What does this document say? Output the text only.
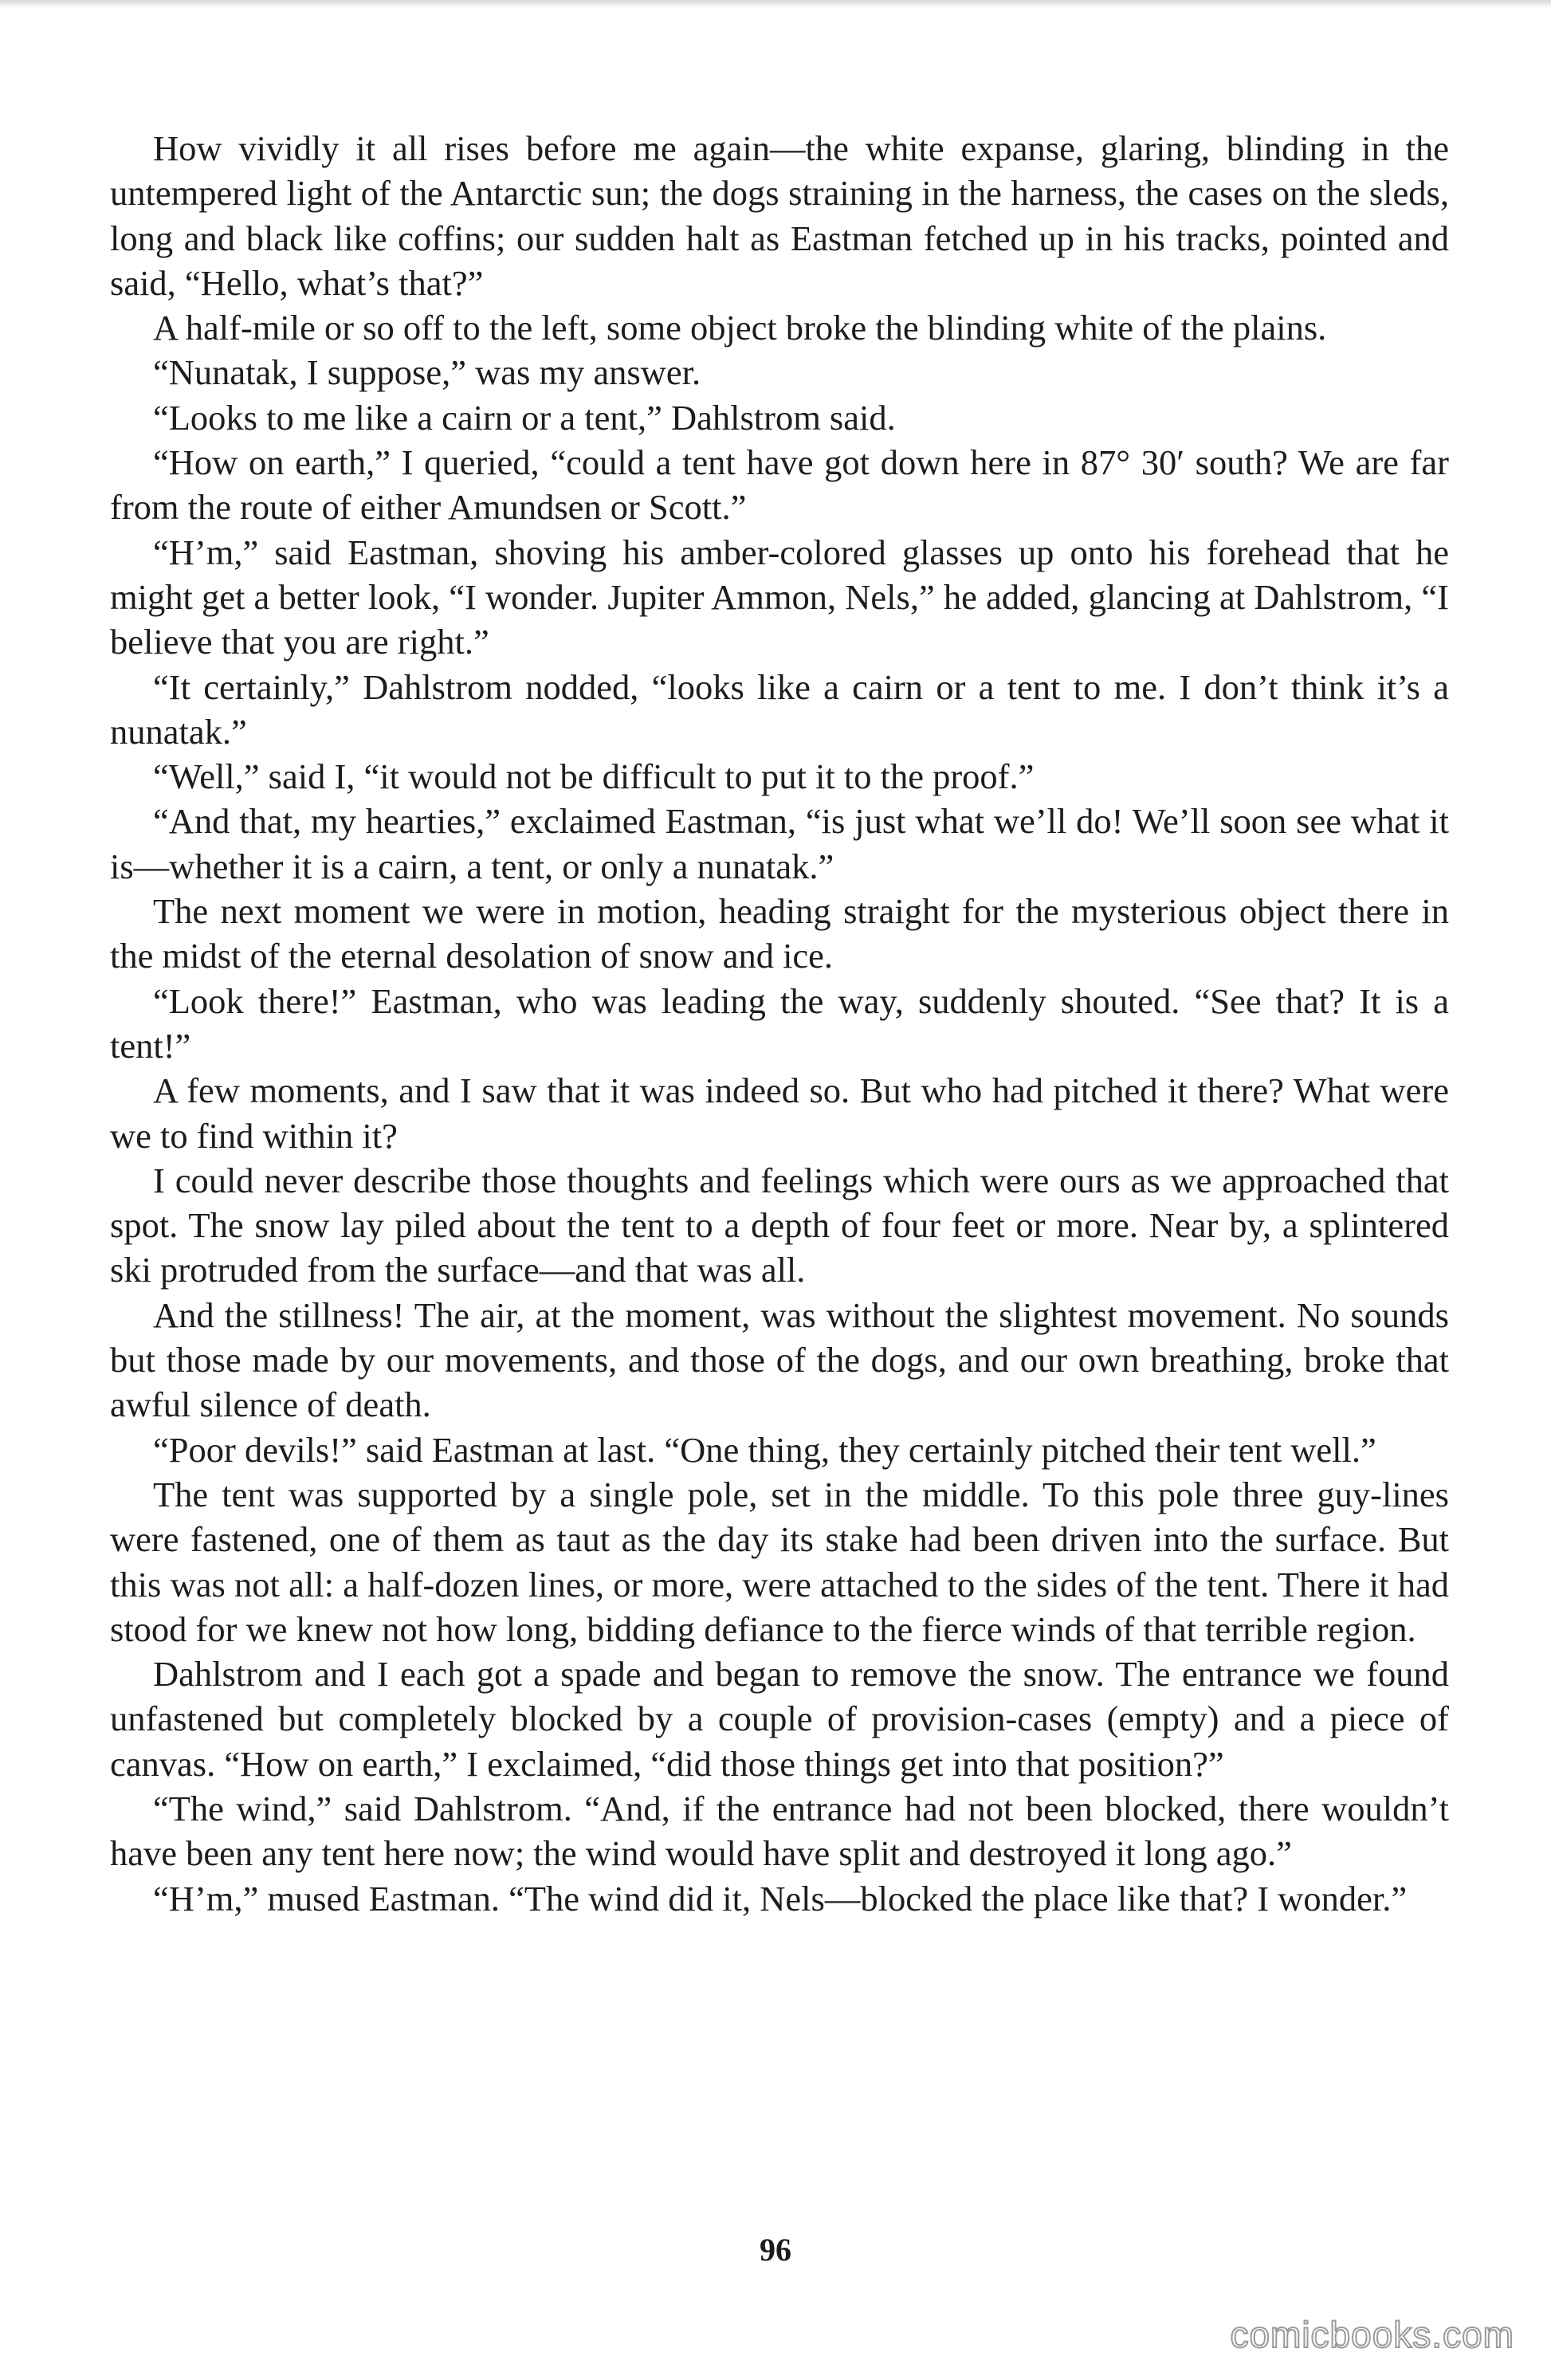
How vividly it all rises before me again—the white expanse, glaring, blinding in the untempered light of the Antarctic sun; the dogs straining in the harness, the cases on the sleds, long and black like coffins; our sudden halt as Eastman fetched up in his tracks, pointed and said, “Hello, what’s that?”

A half-mile or so off to the left, some object broke the blinding white of the plains.

“Nunatak, I suppose,” was my answer.

“Looks to me like a cairn or a tent,” Dahlstrom said.

“How on earth,” I queried, “could a tent have got down here in 87° 30′ south? We are far from the route of either Amundsen or Scott.”

“H’m,” said Eastman, shoving his amber-colored glasses up onto his forehead that he might get a better look, “I wonder. Jupiter Ammon, Nels,” he added, glancing at Dahlstrom, “I believe that you are right.”

“It certainly,” Dahlstrom nodded, “looks like a cairn or a tent to me. I don’t think it’s a nunatak.”

“Well,” said I, “it would not be difficult to put it to the proof.”

“And that, my hearties,” exclaimed Eastman, “is just what we’ll do! We’ll soon see what it is—whether it is a cairn, a tent, or only a nunatak.”

The next moment we were in motion, heading straight for the mysterious object there in the midst of the eternal desolation of snow and ice.

“Look there!” Eastman, who was leading the way, suddenly shouted. “See that? It is a tent!”

A few moments, and I saw that it was indeed so. But who had pitched it there? What were we to find within it?

I could never describe those thoughts and feelings which were ours as we approached that spot. The snow lay piled about the tent to a depth of four feet or more. Near by, a splintered ski protruded from the surface—and that was all.

And the stillness! The air, at the moment, was without the slightest movement. No sounds but those made by our movements, and those of the dogs, and our own breathing, broke that awful silence of death.

“Poor devils!” said Eastman at last. “One thing, they certainly pitched their tent well.”

The tent was supported by a single pole, set in the middle. To this pole three guy-lines were fastened, one of them as taut as the day its stake had been driven into the surface. But this was not all: a half-dozen lines, or more, were attached to the sides of the tent. There it had stood for we knew not how long, bidding defiance to the fierce winds of that terrible region.

Dahlstrom and I each got a spade and began to remove the snow. The entrance we found unfastened but completely blocked by a couple of provision-cases (empty) and a piece of canvas. “How on earth,” I exclaimed, “did those things get into that position?”

“The wind,” said Dahlstrom. “And, if the entrance had not been blocked, there wouldn’t have been any tent here now; the wind would have split and destroyed it long ago.”

“H’m,” mused Eastman. “The wind did it, Nels—blocked the place like that? I wonder.”

96
comicbooks.com
